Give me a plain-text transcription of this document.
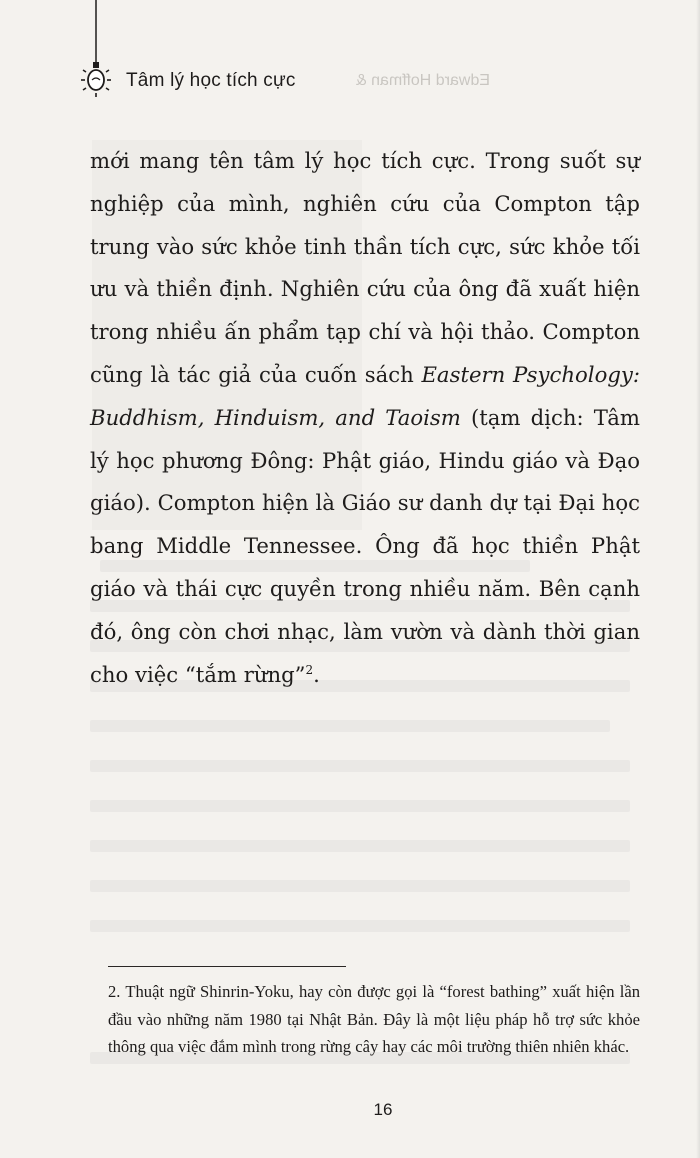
Tâm lý học tích cực	Edward Hoffman &

mới mang tên tâm lý học tích cực. Trong suốt sự nghiệp của mình, nghiên cứu của Compton tập trung vào sức khỏe tinh thần tích cực, sức khỏe tối ưu và thiền định. Nghiên cứu của ông đã xuất hiện trong nhiều ấn phẩm tạp chí và hội thảo. Compton cũng là tác giả của cuốn sách Eastern Psychology: Buddhism, Hinduism, and Taoism (tạm dịch: Tâm lý học phương Đông: Phật giáo, Hindu giáo và Đạo giáo). Compton hiện là Giáo sư danh dự tại Đại học bang Middle Tennessee. Ông đã học thiền Phật giáo và thái cực quyền trong nhiều năm. Bên cạnh đó, ông còn chơi nhạc, làm vườn và dành thời gian cho việc “tắm rừng”$^2$.

2. Thuật ngữ Shinrin-Yoku, hay còn được gọi là “forest bathing” xuất hiện lần đầu vào những năm 1980 tại Nhật Bản. Đây là một liệu pháp hỗ trợ sức khỏe thông qua việc đắm mình trong rừng cây hay các môi trường thiên nhiên khác.

16
